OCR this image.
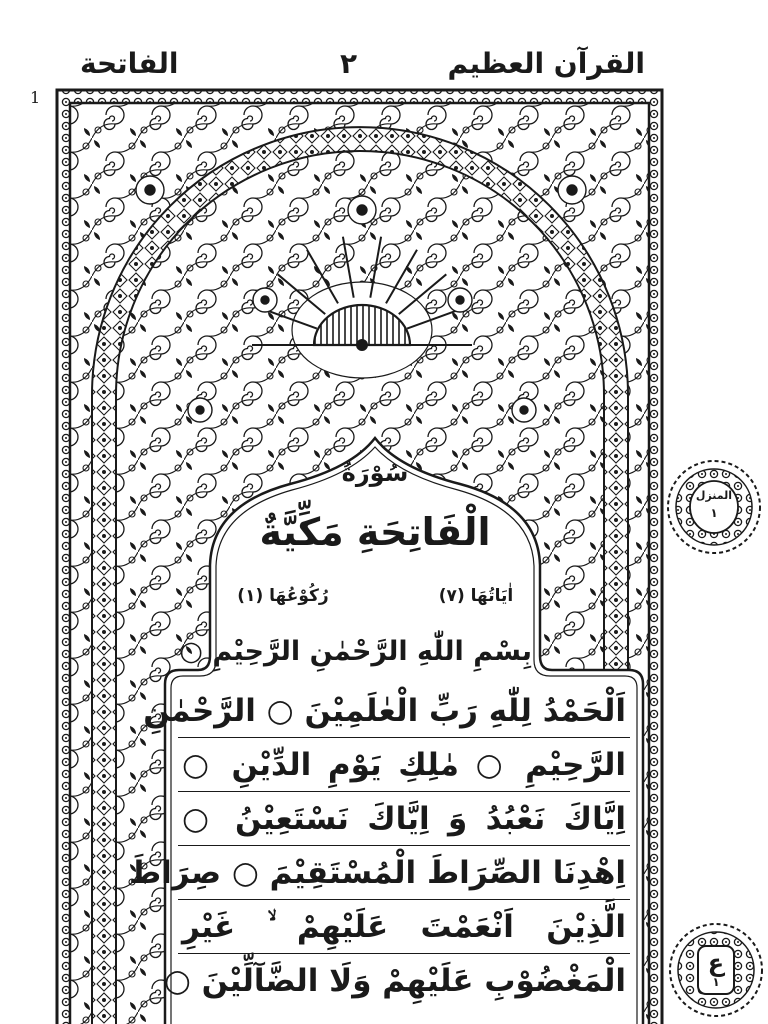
الفاتحة	۲	القرآن العظيم
1
سُوْرَةُ
الْفَاتِحَةِ مَكِّيَّةٌ
اٰيَاتُهَا (۷)
رُكُوْعُهَا (۱)
بِسْمِ اللّٰهِ الرَّحْمٰنِ الرَّحِيْمِ ○
اَلْحَمْدُ لِلّٰهِ رَبِّ الْعٰلَمِيْنَ ○ الرَّحْمٰنِ
الرَّحِيْمِ ○ مٰلِكِ يَوْمِ الدِّيْنِ ○
اِيَّاكَ نَعْبُدُ وَ اِيَّاكَ نَسْتَعِيْنُ ○
اِهْدِنَا الصِّرَاطَ الْمُسْتَقِيْمَ ○ صِرَاطَ
الَّذِيْنَ اَنْعَمْتَ عَلَيْهِمْ ۙ غَيْرِ
الْمَغْضُوْبِ عَلَيْهِمْ وَلَا الضَّآلِّيْنَ ○
المنزل
۱
ع
۱
